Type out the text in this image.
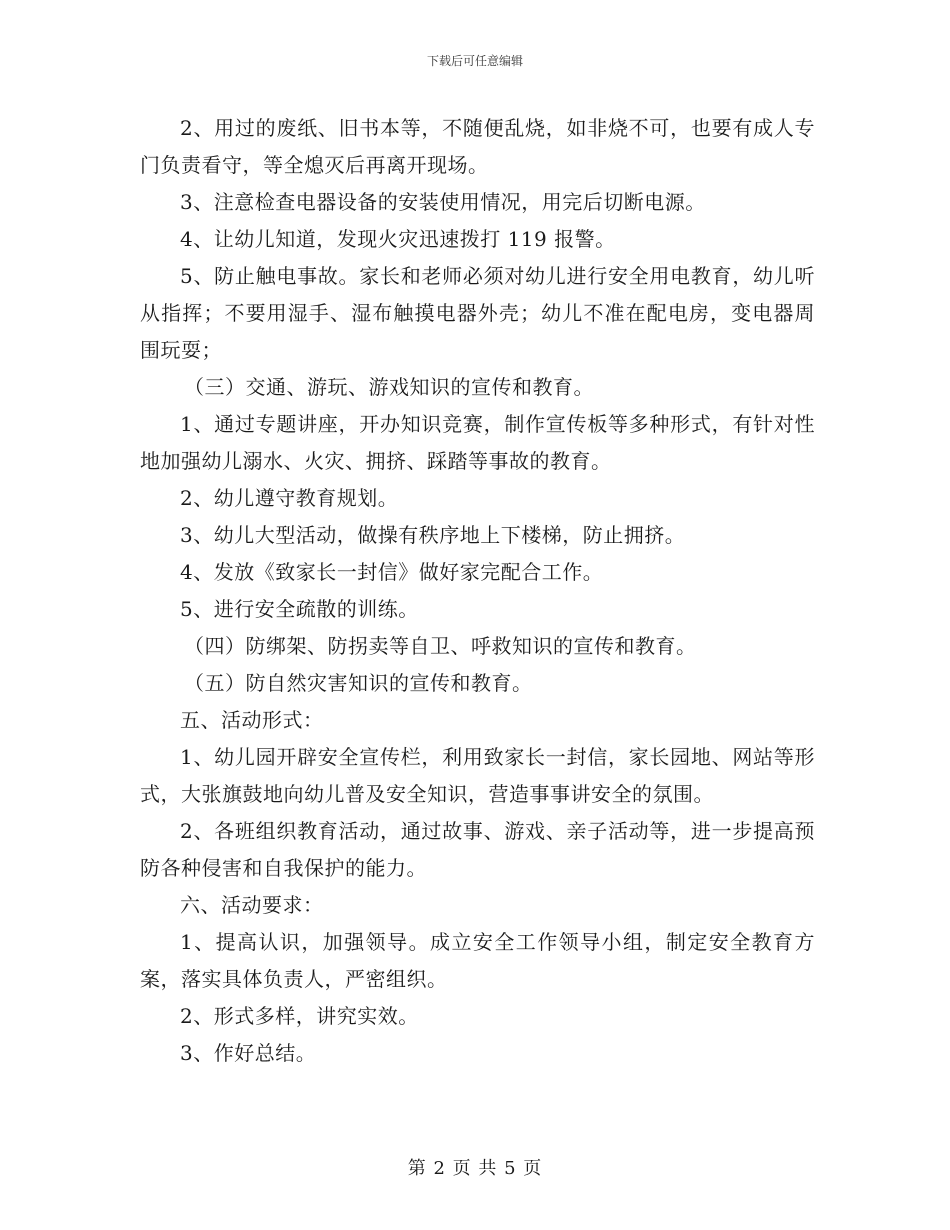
下载后可任意编辑

2、用过的废纸、旧书本等，不随便乱烧，如非烧不可，也要有成人专门负责看守，等全熄灭后再离开现场。

3、注意检查电器设备的安装使用情况，用完后切断电源。

4、让幼儿知道，发现火灾迅速拨打 119 报警。

5、防止触电事故。家长和老师必须对幼儿进行安全用电教育，幼儿听从指挥；不要用湿手、湿布触摸电器外壳；幼儿不准在配电房，变电器周围玩耍；

（三）交通、游玩、游戏知识的宣传和教育。

1、通过专题讲座，开办知识竞赛，制作宣传板等多种形式，有针对性地加强幼儿溺水、火灾、拥挤、踩踏等事故的教育。

2、幼儿遵守教育规划。

3、幼儿大型活动，做操有秩序地上下楼梯，防止拥挤。

4、发放《致家长一封信》做好家完配合工作。

5、进行安全疏散的训练。

（四）防绑架、防拐卖等自卫、呼救知识的宣传和教育。

（五）防自然灾害知识的宣传和教育。

五、活动形式：

1、幼儿园开辟安全宣传栏，利用致家长一封信，家长园地、网站等形式，大张旗鼓地向幼儿普及安全知识，营造事事讲安全的氛围。

2、各班组织教育活动，通过故事、游戏、亲子活动等，进一步提高预防各种侵害和自我保护的能力。

六、活动要求：

1、提高认识，加强领导。成立安全工作领导小组，制定安全教育方案，落实具体负责人，严密组织。

2、形式多样，讲究实效。

3、作好总结。

第 2 页 共 5 页
